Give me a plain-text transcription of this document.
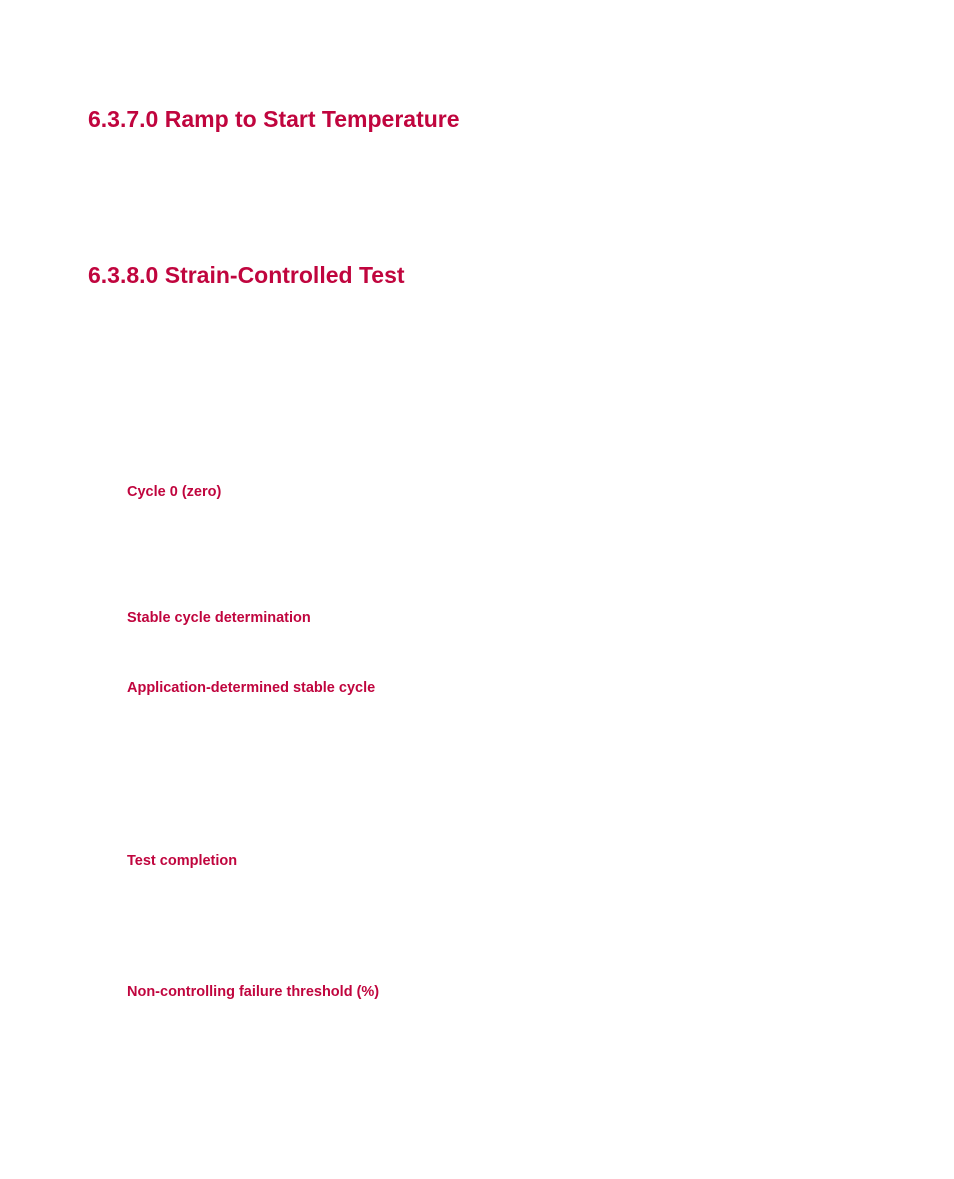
6.3.7.0 Ramp to Start Temperature
6.3.8.0 Strain-Controlled Test
Cycle 0 (zero)
Stable cycle determination
Application-determined stable cycle
Test completion
Non-controlling failure threshold (%)
